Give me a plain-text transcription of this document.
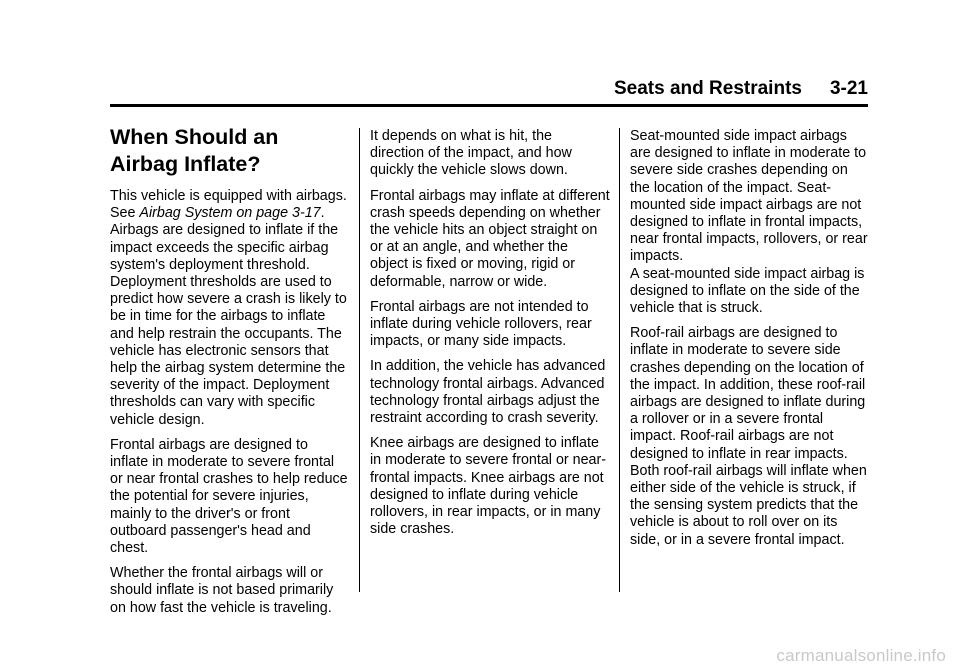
Seats and Restraints 3-21
When Should an Airbag Inflate?

This vehicle is equipped with airbags. See Airbag System on page 3-17. Airbags are designed to inflate if the impact exceeds the specific airbag system's deployment threshold. Deployment thresholds are used to predict how severe a crash is likely to be in time for the airbags to inflate and help restrain the occupants. The vehicle has electronic sensors that help the airbag system determine the severity of the impact. Deployment thresholds can vary with specific vehicle design.

Frontal airbags are designed to inflate in moderate to severe frontal or near frontal crashes to help reduce the potential for severe injuries, mainly to the driver's or front outboard passenger's head and chest.

Whether the frontal airbags will or should inflate is not based primarily on how fast the vehicle is traveling.

It depends on what is hit, the direction of the impact, and how quickly the vehicle slows down.

Frontal airbags may inflate at different crash speeds depending on whether the vehicle hits an object straight on or at an angle, and whether the object is fixed or moving, rigid or deformable, narrow or wide.

Frontal airbags are not intended to inflate during vehicle rollovers, rear impacts, or many side impacts.

In addition, the vehicle has advanced technology frontal airbags. Advanced technology frontal airbags adjust the restraint according to crash severity.

Knee airbags are designed to inflate in moderate to severe frontal or near-frontal impacts. Knee airbags are not designed to inflate during vehicle rollovers, in rear impacts, or in many side crashes.

Seat-mounted side impact airbags are designed to inflate in moderate to severe side crashes depending on the location of the impact. Seat-mounted side impact airbags are not designed to inflate in frontal impacts, near frontal impacts, rollovers, or rear impacts.

A seat-mounted side impact airbag is designed to inflate on the side of the vehicle that is struck.

Roof-rail airbags are designed to inflate in moderate to severe side crashes depending on the location of the impact. In addition, these roof-rail airbags are designed to inflate during a rollover or in a severe frontal impact. Roof-rail airbags are not designed to inflate in rear impacts. Both roof-rail airbags will inflate when either side of the vehicle is struck, if the sensing system predicts that the vehicle is about to roll over on its side, or in a severe frontal impact.

carmanualsonline.info
